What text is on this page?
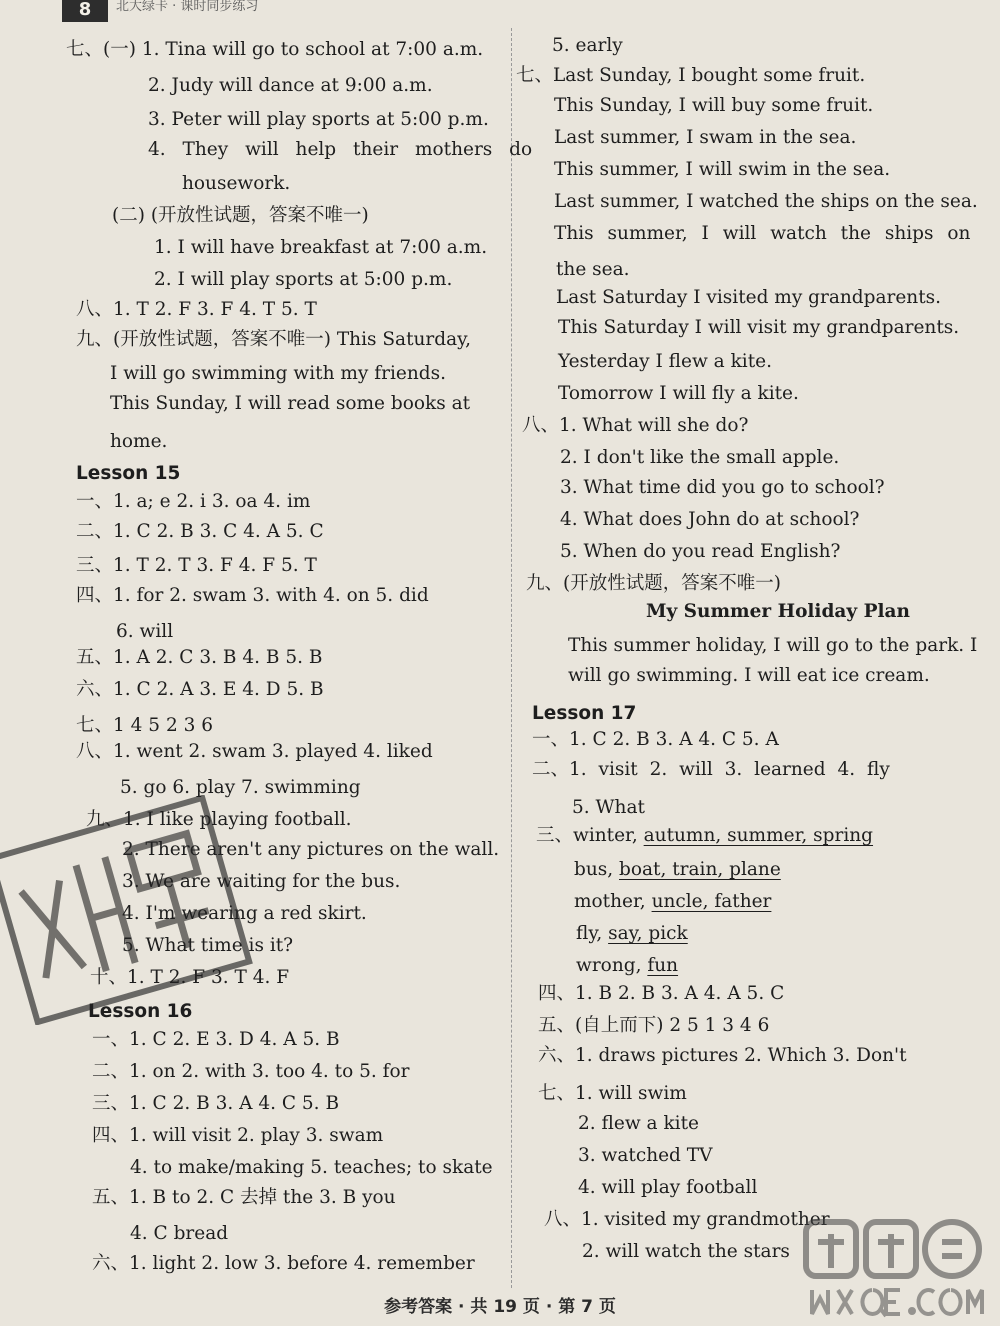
8	北大绿卡 · 课时同步练习
七、(一) 1. Tina will go to school at 7:00 a.m.
2. Judy will dance at 9:00 a.m.
3. Peter will play sports at 5:00 p.m.
4. They will help their mothers do
housework.
(二) (开放性试题，答案不唯一)
1. I will have breakfast at 7:00 a.m.
2. I will play sports at 5:00 p.m.
八、1. T 2. F 3. F 4. T 5. T
九、(开放性试题，答案不唯一) This Saturday,
I will go swimming with my friends.
This Sunday, I will read some books at
home.
Lesson 15
一、1. a; e 2. i 3. oa 4. im
二、1. C 2. B 3. C 4. A 5. C
三、1. T 2. T 3. F 4. F 5. T
四、1. for 2. swam 3. with 4. on 5. did
6. will
五、1. A 2. C 3. B 4. B 5. B
六、1. C 2. A 3. E 4. D 5. B
七、1 4 5 2 3 6
八、1. went 2. swam 3. played 4. liked
5. go 6. play 7. swimming
九、1. I like playing football.
2. There aren't any pictures on the wall.
3. We are waiting for the bus.
4. I'm wearing a red skirt.
5. What time is it?
十、1. T 2. F 3. T 4. F
Lesson 16
一、1. C 2. E 3. D 4. A 5. B
二、1. on 2. with 3. too 4. to 5. for
三、1. C 2. B 3. A 4. C 5. B
四、1. will visit 2. play 3. swam
4. to make/making 5. teaches; to skate
五、1. B to 2. C 去掉 the 3. B you
4. C bread
六、1. light 2. low 3. before 4. remember
5. early
七、Last Sunday, I bought some fruit.
This Sunday, I will buy some fruit.
Last summer, I swam in the sea.
This summer, I will swim in the sea.
Last summer, I watched the ships on the sea.
This summer, I will watch the ships on
the sea.
Last Saturday I visited my grandparents.
This Saturday I will visit my grandparents.
Yesterday I flew a kite.
Tomorrow I will fly a kite.
八、1. What will she do?
2. I don't like the small apple.
3. What time did you go to school?
4. What does John do at school?
5. When do you read English?
九、(开放性试题，答案不唯一)
My Summer Holiday Plan
This summer holiday, I will go to the park. I
will go swimming. I will eat ice cream.
Lesson 17
一、1. C 2. B 3. A 4. C 5. A
二、1. visit 2. will 3. learned 4. fly
5. What
三、winter, autumn, summer, spring
bus, boat, train, plane
mother, uncle, father
fly, say, pick
wrong, fun
四、1. B 2. B 3. A 4. A 5. C
五、(自上而下) 2 5 1 3 4 6
六、1. draws pictures 2. Which 3. Don't
七、1. will swim
2. flew a kite
3. watched TV
4. will play football
八、1. visited my grandmother
2. will watch the stars
参考答案 · 共 19 页 · 第 7 页
